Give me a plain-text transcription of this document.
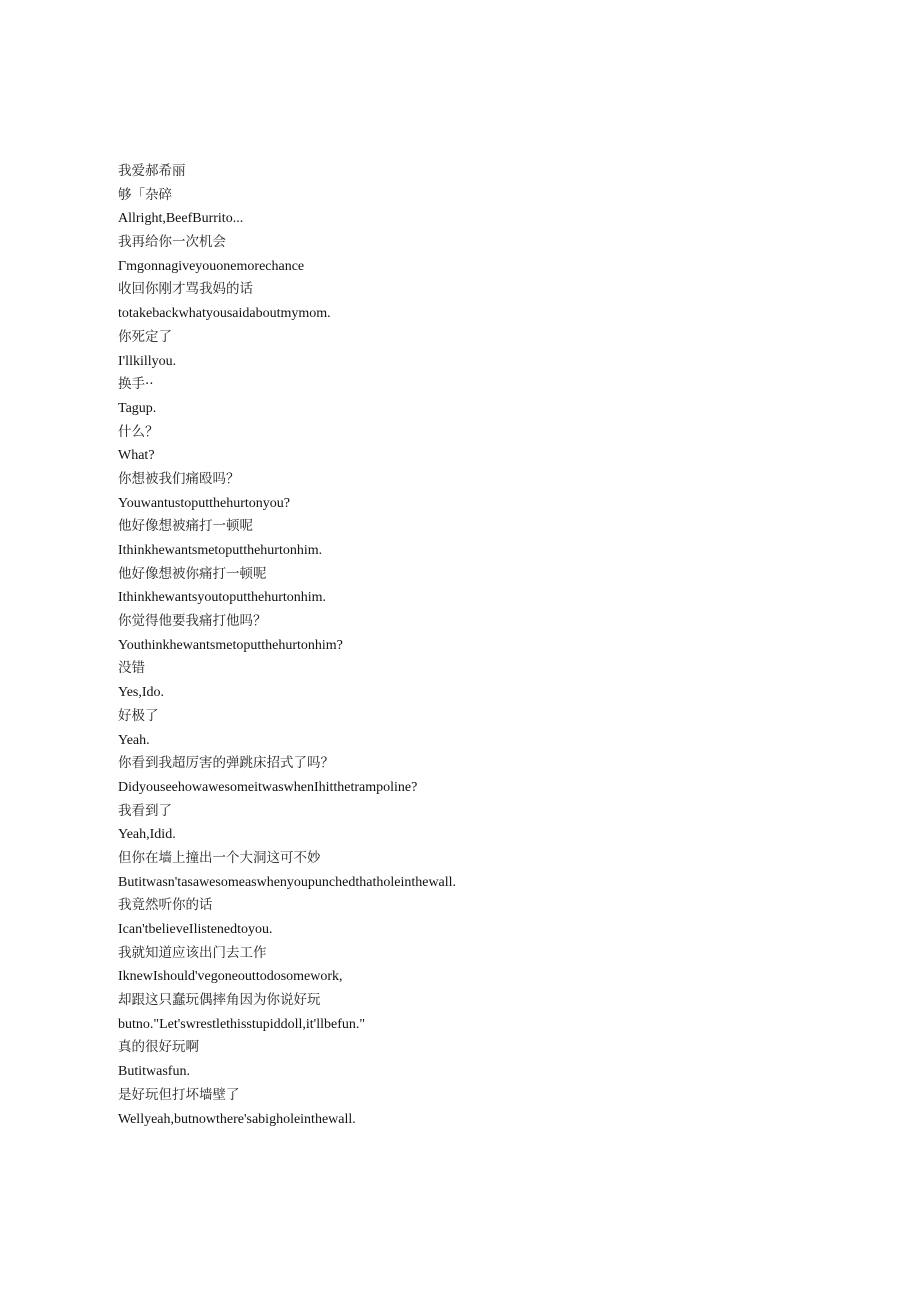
我爱郝希丽
够「杂碎
Allright,BeefBurrito...
我再给你一次机会
Γmgonnagiveyouonemorechance
收回你刚才骂我妈的话
totakebackwhatyousaidaboutmymom.
你死定了
I'llkillyou.
换手··
Tagup.
什么？
What?
你想被我们痛殴吗？
Youwantustoputthehurtonyou?
他好像想被痛打一顿呢
Ithinkhewantsmetoputthehurtonhim.
他好像想被你痛打一顿呢
Ithinkhewantsyoutoputthehurtonhim.
你觉得他要我痛打他吗？
Youthinkhewantsmetoputthehurtonhim?
没错
Yes,Ido.
好极了
Yeah.
你看到我超厉害的弹跳床招式了吗？
DidyouseehowawesomeitwaswhenIhitthetrampoline?
我看到了
Yeah,Idid.
但你在墙上撞出一个大洞这可不妙
Butitwasn'tasawesomeaswhenyoupunchedthatholeinthewall.
我竟然听你的话
Ican'tbelieveIlistenedtoyou.
我就知道应该出门去工作
IknewIshould'vegoneouttodosomework,
却跟这只蠢玩偶摔角因为你说好玩
butno."Let'swrestlethisstupiddoll,it'llbefun."
真的很好玩啊
Butitwasfun.
是好玩但打坏墙壁了
Wellyeah,butnowthere'sabigholeinthewall.
